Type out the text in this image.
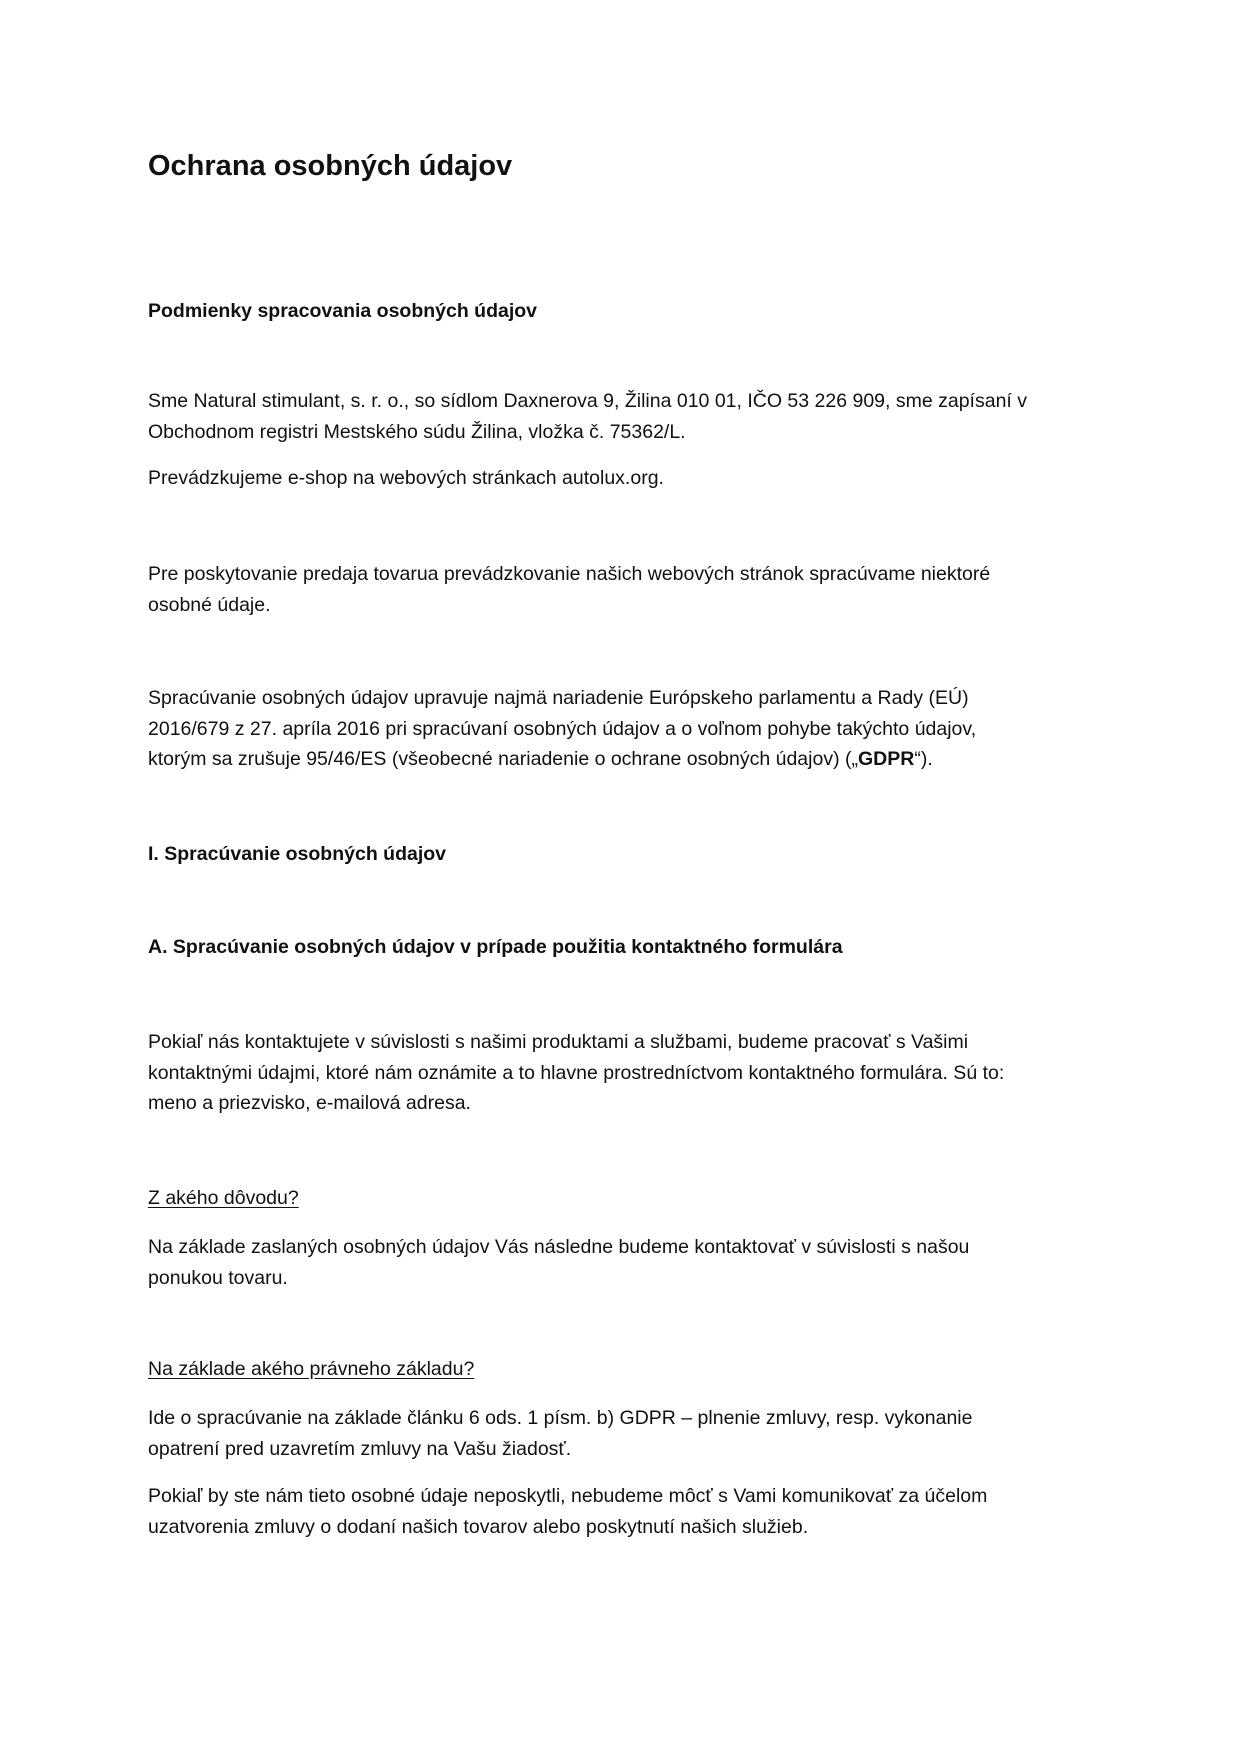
Ochrana osobných údajov
Podmienky spracovania osobných údajov
Sme Natural stimulant, s. r. o., so sídlom Daxnerova 9, Žilina 010 01, IČO 53 226 909, sme zapísaní v
Obchodnom registri Mestského súdu Žilina, vložka č. 75362/L.
Prevádzkujeme e-shop na webových stránkach autolux.org.
Pre poskytovanie predaja tovarua prevádzkovanie našich webových stránok spracúvame niektoré
osobné údaje.
Spracúvanie osobných údajov upravuje najmä nariadenie Európskeho parlamentu a Rady (EÚ)
2016/679 z 27. apríla 2016 pri spracúvaní osobných údajov a o voľnom pohybe takýchto údajov,
ktorým sa zrušuje 95/46/ES (všeobecné nariadenie o ochrane osobných údajov) („GDPR“).
I. Spracúvanie osobných údajov
A. Spracúvanie osobných údajov v prípade použitia kontaktného formulára
Pokiaľ nás kontaktujete v súvislosti s našimi produktami a službami, budeme pracovať s Vašimi
kontaktnými údajmi, ktoré nám oznámite a to hlavne prostredníctvom kontaktného formulára. Sú to:
meno a priezvisko, e-mailová adresa.
Z akého dôvodu?
Na základe zaslaných osobných údajov Vás následne budeme kontaktovať v súvislosti s našou
ponukou tovaru.
Na základe akého právneho základu?
Ide o spracúvanie na základe článku 6 ods. 1 písm. b) GDPR – plnenie zmluvy, resp. vykonanie
opatrení pred uzavretím zmluvy na Vašu žiadosť.
Pokiaľ by ste nám tieto osobné údaje neposkytli, nebudeme môcť s Vami komunikovať za účelom
uzatvorenia zmluvy o dodaní našich tovarov alebo poskytnutí našich služieb.
